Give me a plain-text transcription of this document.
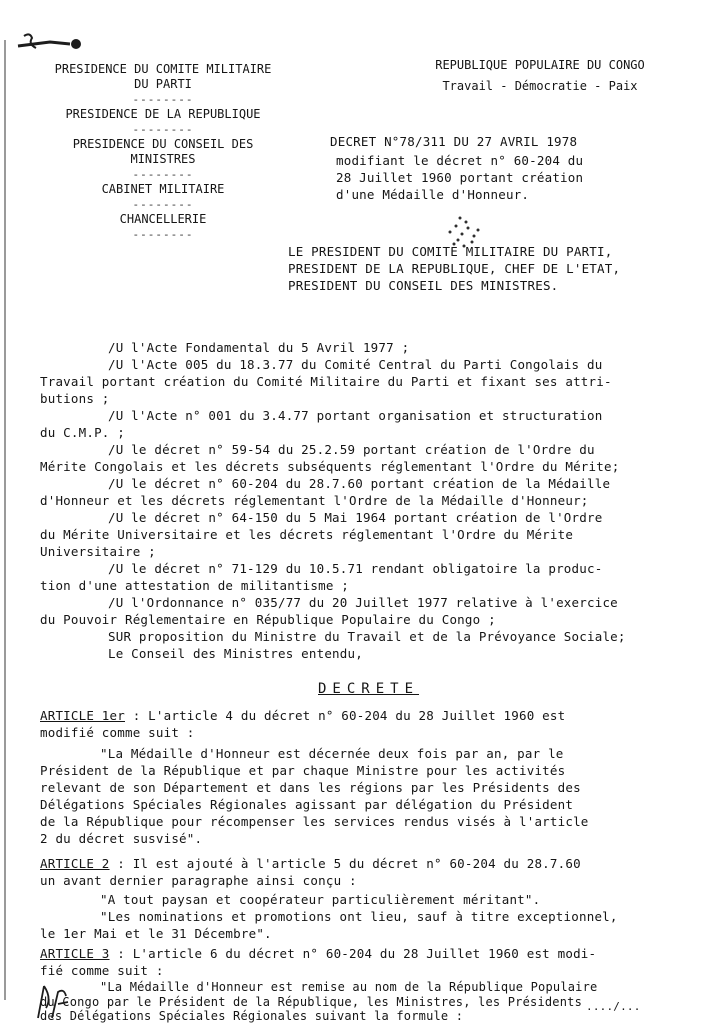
PRESIDENCE DU COMITE MILITAIRE
DU PARTI
--------
PRESIDENCE DE LA REPUBLIQUE
--------
PRESIDENCE DU CONSEIL DES
MINISTRES
--------
CABINET MILITAIRE
--------
CHANCELLERIE
--------
REPUBLIQUE POPULAIRE DU CONGO
Travail - Démocratie - Paix
DECRET N°78/311 DU 27 AVRIL 1978
modifiant le décret n° 60-204 du
28 Juillet 1960 portant création
d'une Médaille d'Honneur.
LE PRESIDENT DU COMITE MILITAIRE DU PARTI,
PRESIDENT DE LA REPUBLIQUE, CHEF DE L'ETAT,
PRESIDENT DU CONSEIL DES MINISTRES.
/U l'Acte Fondamental du 5 Avril 1977 ;
/U l'Acte 005 du 18.3.77 du Comité Central du Parti Congolais du
Travail portant création du Comité Militaire du Parti et fixant ses attri-
butions ;
/U l'Acte n° 001 du 3.4.77 portant organisation et structuration
du C.M.P. ;
/U le décret n° 59-54 du 25.2.59 portant création de l'Ordre du
Mérite Congolais et les décrets subséquents réglementant l'Ordre du Mérite;
/U le décret n° 60-204 du 28.7.60 portant création de la Médaille
d'Honneur et les décrets réglementant l'Ordre de la Médaille d'Honneur;
/U le décret n° 64-150 du 5 Mai 1964 portant création de l'Ordre
du Mérite Universitaire et les décrets réglementant l'Ordre du Mérite
Universitaire ;
/U le décret n° 71-129 du 10.5.71 rendant obligatoire la produc-
tion d'une attestation de militantisme ;
/U l'Ordonnance n° 035/77 du 20 Juillet 1977 relative à l'exercice
du Pouvoir Réglementaire en République Populaire du Congo ;
SUR proposition du Ministre du Travail et de la Prévoyance Sociale;
Le Conseil des Ministres entendu,
DECRETE
ARTICLE 1er : L'article 4 du décret n° 60-204 du 28 Juillet 1960 est
modifié comme suit :
"La Médaille d'Honneur est décernée deux fois par an, par le
Président de la République et par chaque Ministre pour les activités
relevant de son Département et dans les régions par les Présidents des
Délégations Spéciales Régionales agissant par délégation du Président
de la République pour récompenser les services rendus visés à l'article
2 du décret susvisé".
ARTICLE 2 : Il est ajouté à l'article 5 du décret n° 60-204 du 28.7.60
un avant dernier paragraphe ainsi conçu :
"A tout paysan et coopérateur particulièrement méritant".
"Les nominations et promotions ont lieu, sauf à titre exceptionnel,
le 1er Mai et le 31 Décembre".
ARTICLE 3 : L'article 6 du décret n° 60-204 du 28 Juillet 1960 est modi-
fié comme suit :
"La Médaille d'Honneur est remise au nom de la République Populaire
du Congo par le Président de la République, les Ministres, les Présidents
des Délégations Spéciales Régionales suivant la formule :
..../...
